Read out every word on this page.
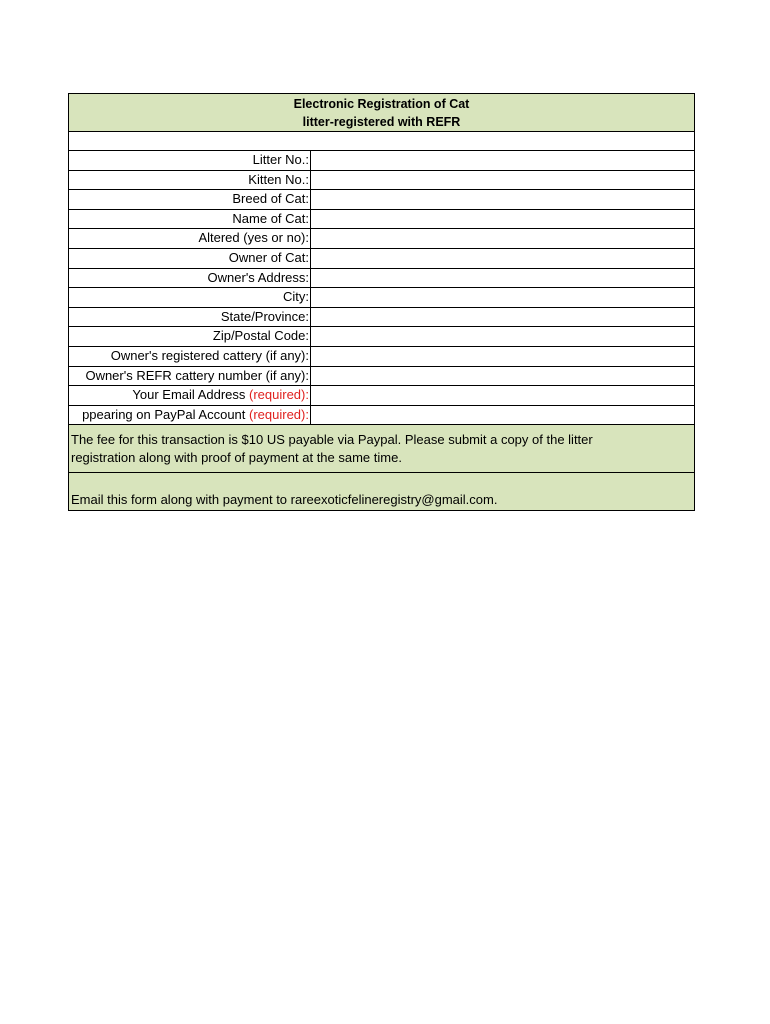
Electronic Registration of Cat
litter-registered with REFR
Litter No.:
Kitten No.:
Breed of Cat:
Name of Cat:
Altered (yes or no):
Owner of Cat:
Owner's Address:
City:
State/Province:
Zip/Postal Code:
Owner's registered cattery (if any):
Owner's REFR cattery number (if any):
Your Email Address (required):
ppearing on PayPal Account (required):
The fee for this transaction is $10 US payable via Paypal. Please submit a copy of the litter
registration along with proof of payment at the same time.
Email this form along with payment to rareexoticfelineregistry@gmail.com.
